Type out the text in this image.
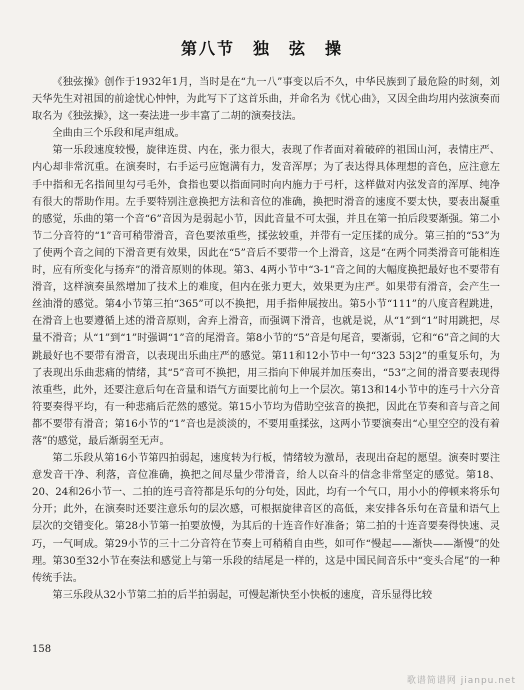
第八节　独　弦　操

《独弦操》创作于1932年1月，当时是在“九一八”事变以后不久，中华民族到了最危险的时刻，刘天华先生对祖国的前途忧心忡忡，为此写下了这首乐曲，并命名为《忧心曲》，又因全曲均用内弦演奏而取名为《独弦操》，这一奏法进一步丰富了二胡的演奏技法。

全曲由三个乐段和尾声组成。

第一乐段速度较慢，旋律连贯、内在，张力很大，表现了作者面对着破碎的祖国山河，表情庄严、内心却非常沉重。在演奏时，右手运弓应饱满有力，发音浑厚；为了表达得具体理想的音色，应注意左手中指和无名指间里勾弓毛外，食指也要以指面同时向内施力于弓杆，这样做对内弦发音的浑厚、纯净有很大的帮助作用。左手要特别注意换把方法和音位的准确，换把时滑音的速度不要太快，要表出凝重的感觉，乐曲的第一个音“6”音因为是弱起小节，因此音量不可太强，并且在第一拍后段要渐强。第二小节二分音符的“1”音可稍带滑音，音色要浓重些，揉弦较重，并带有一定压揉的成分。第三拍的“53”为了使两个音之间的下滑音更有效果，因此在“5”音后不要带一个上滑音，这是“在两个同类滑音可能相连时，应有所变化与扬弃”的滑音原则的体现。第3、4两小节中“3-1”音之间的大幅度换把最好也不要带有滑音，这样演奏虽然增加了技术上的难度，但内在张力更大，效果更为庄严。如果带有滑音，会产生一丝油滑的感觉。第4小节第三拍“365”可以不换把，用手指伸展按出。第5小节“111”的八度音程跳进，在滑音上也要遵循上述的滑音原则，舍弃上滑音，而强调下滑音，也就是说，从“1”到“1”时用跳把，尽量不滑音；从“1”到“1”时强调“1”音的尾滑音。第8小节的“5”音是句尾音，要渐弱，它和“6”音之间的大跳最好也不要带有滑音，以表现出乐曲庄严的感觉。第11和12小节中一句“323 53|2”的重复乐句，为了表现出乐曲悲痛的情绪，其“5”音可不换把，用三指向下伸展并加压奏出，“53”之间的滑音要表现得浓重些，此外，还要注意后句在音量和语气方面要比前句上一个层次。第13和14小节中的连弓十六分音符要奏得平均，有一种悲痛后茫然的感觉。第15小节均为借助空弦音的换把，因此在节奏和音与音之间都不要带有滑音；第16小节的“1”音也是淡淡的，不要用重揉弦，这两小节要演奏出“心里空空的没有着落”的感觉，最后渐弱至无声。

第二乐段从第16小节第四拍弱起，速度转为行板，情绪较为激昂，表现出奋起的愿望。演奏时要注意发音干净、利落，音位准确，换把之间尽量少带滑音，给人以奋斗的信念非常坚定的感觉。第18、20、24和26小节一、二拍的连弓音符都是乐句的分句处，因此，均有一个气口，用小小的停顿来将乐句分开；此外，在演奏时还要注意乐句的层次感，可根据旋律音区的高低，来安排各乐句在音量和语气上层次的交错变化。第28小节第一拍要放慢，为其后的十连音作好准备；第二拍的十连音要奏得快速、灵巧，一气呵成。第29小节的三十二分音符在节奏上可稍稍自由些，如可作“慢起——渐快——渐慢”的处理。第30至32小节在奏法和感觉上与第一乐段的结尾是一样的，这是中国民间音乐中“变头合尾”的一种传统手法。

第三乐段从32小节第二拍的后半拍弱起，可慢起渐快至小快板的速度，音乐显得比较

158
歌谱简谱网 jianpu.net
